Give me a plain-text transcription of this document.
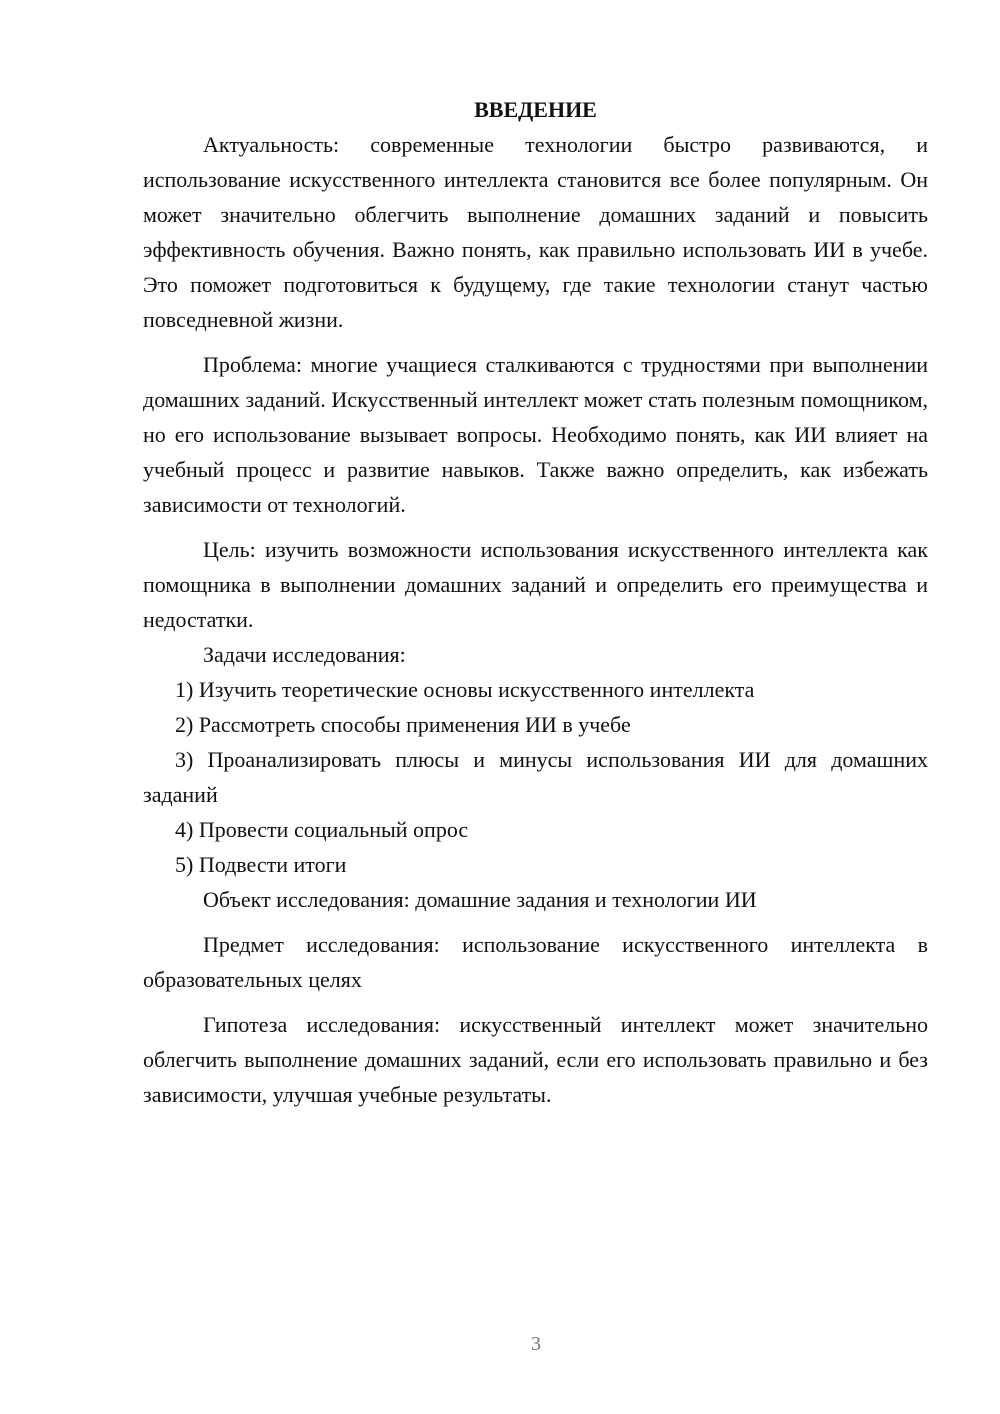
ВВЕДЕНИЕ

Актуальность: современные технологии быстро развиваются, и использование искусственного интеллекта становится все более популярным. Он может значительно облегчить выполнение домашних заданий и повысить эффективность обучения. Важно понять, как правильно использовать ИИ в учебе. Это поможет подготовиться к будущему, где такие технологии станут частью повседневной жизни.

Проблема: многие учащиеся сталкиваются с трудностями при выполнении домашних заданий. Искусственный интеллект может стать полезным помощником, но его использование вызывает вопросы. Необходимо понять, как ИИ влияет на учебный процесс и развитие навыков. Также важно определить, как избежать зависимости от технологий.

Цель: изучить возможности использования искусственного интеллекта как помощника в выполнении домашних заданий и определить его преимущества и недостатки.

Задачи исследования:

1) Изучить теоретические основы искусственного интеллекта

2) Рассмотреть способы применения ИИ в учебе

3) Проанализировать плюсы и минусы использования ИИ для домашних заданий

4) Провести социальный опрос

5) Подвести итоги

Объект исследования: домашние задания и технологии ИИ

Предмет исследования: использование искусственного интеллекта в образовательных целях

Гипотеза исследования: искусственный интеллект может значительно облегчить выполнение домашних заданий, если его использовать правильно и без зависимости, улучшая учебные результаты.

3
